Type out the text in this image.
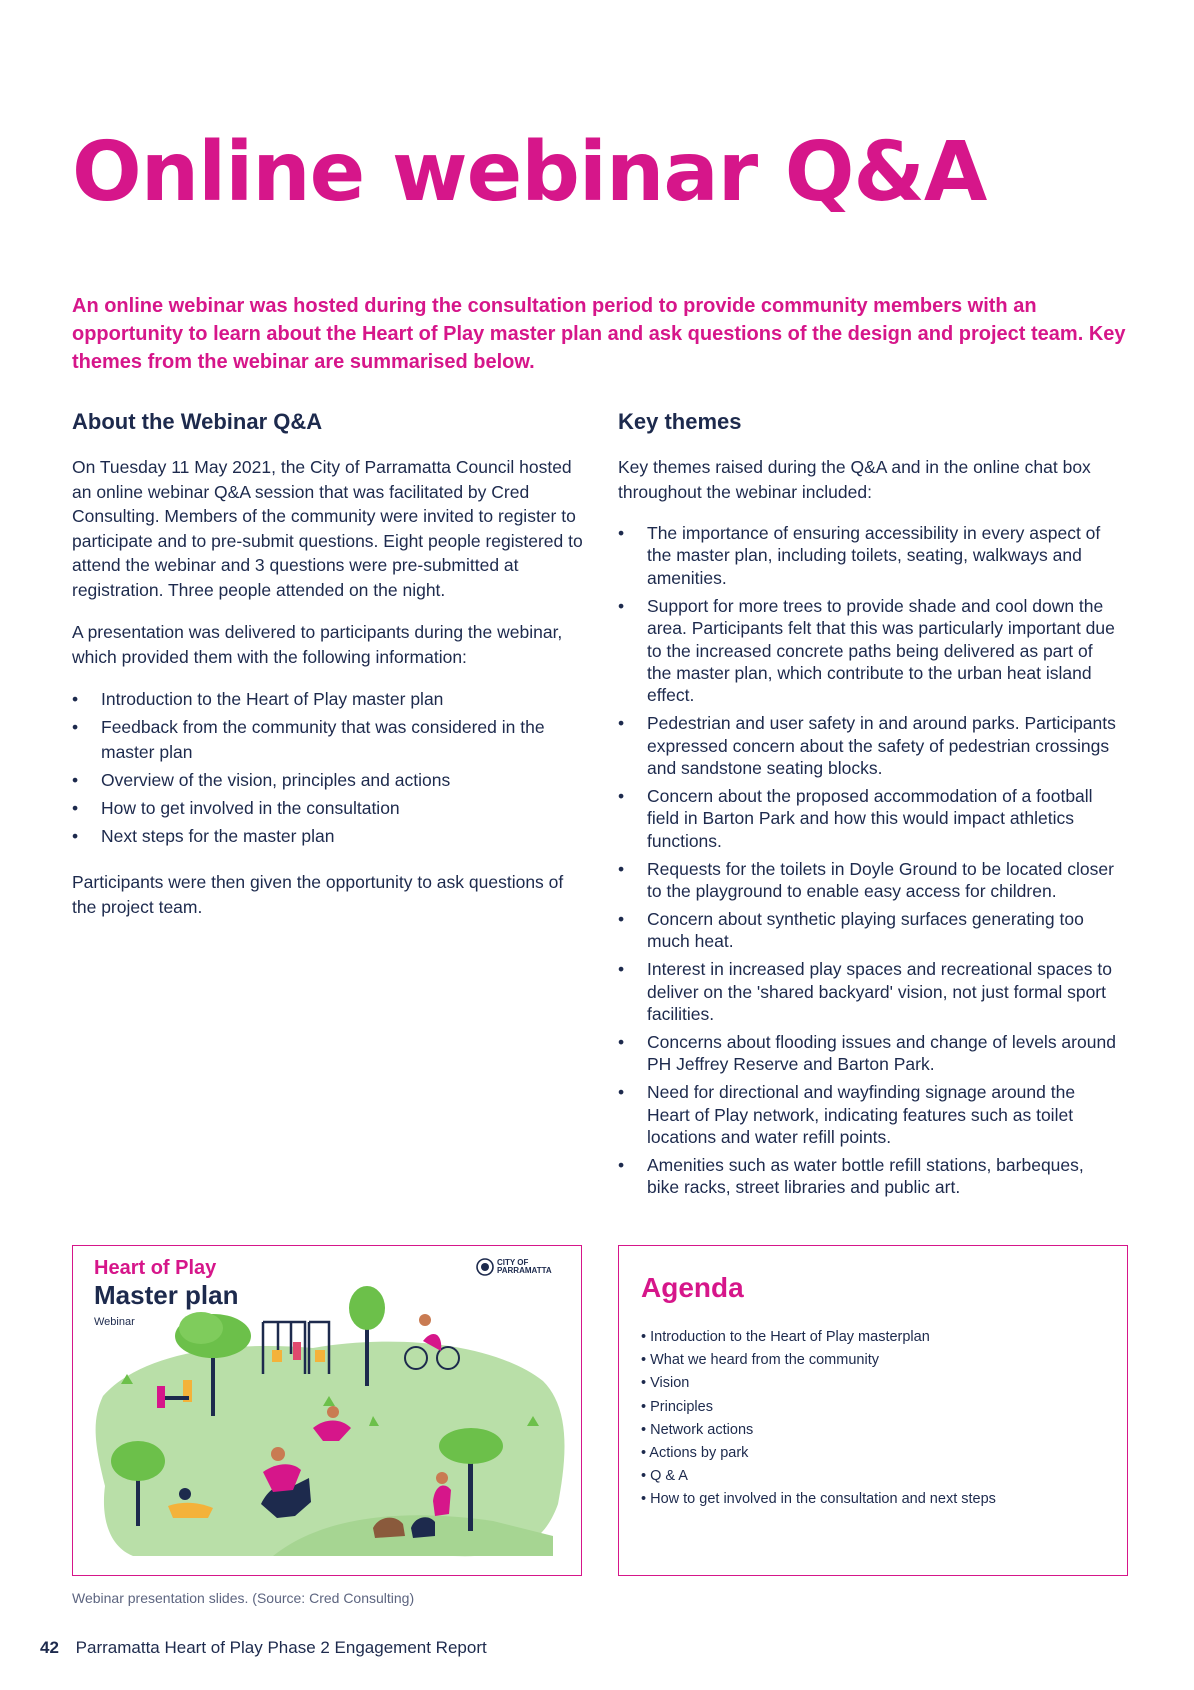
Online webinar Q&A

An online webinar was hosted during the consultation period to provide community members with an opportunity to learn about the Heart of Play master plan and ask questions of the design and project team. Key themes from the webinar are summarised below.

About the Webinar Q&A

On Tuesday 11 May 2021, the City of Parramatta Council hosted an online webinar Q&A session that was facilitated by Cred Consulting. Members of the community were invited to register to participate and to pre-submit questions. Eight people registered to attend the webinar and 3 questions were pre-submitted at registration. Three people attended on the night.

A presentation was delivered to participants during the webinar, which provided them with the following information:

• Introduction to the Heart of Play master plan
• Feedback from the community that was considered in the master plan
• Overview of the vision, principles and actions
• How to get involved in the consultation
• Next steps for the master plan

Participants were then given the opportunity to ask questions of the project team.

Key themes

Key themes raised during the Q&A and in the online chat box throughout the webinar included:

• The importance of ensuring accessibility in every aspect of the master plan, including toilets, seating, walkways and amenities.
• Support for more trees to provide shade and cool down the area. Participants felt that this was particularly important due to the increased concrete paths being delivered as part of the master plan, which contribute to the urban heat island effect.
• Pedestrian and user safety in and around parks. Participants expressed concern about the safety of pedestrian crossings and sandstone seating blocks.
• Concern about the proposed accommodation of a football field in Barton Park and how this would impact athletics functions.
• Requests for the toilets in Doyle Ground to be located closer to the playground to enable easy access for children.
• Concern about synthetic playing surfaces generating too much heat.
• Interest in increased play spaces and recreational spaces to deliver on the 'shared backyard' vision, not just formal sport facilities.
• Concerns about flooding issues and change of levels around PH Jeffrey Reserve and Barton Park.
• Need for directional and wayfinding signage around the Heart of Play network, indicating features such as toilet locations and water refill points.
• Amenities such as water bottle refill stations, barbeques, bike racks, street libraries and public art.
Heart of Play
Master plan
Webinar
CITY OF PARRAMATTA
Agenda
• Introduction to the Heart of Play masterplan
• What we heard from the community
• Vision
• Principles
• Network actions
• Actions by park
• Q & A
• How to get involved in the consultation and next steps
Webinar presentation slides. (Source: Cred Consulting)
42 Parramatta Heart of Play Phase 2 Engagement Report
